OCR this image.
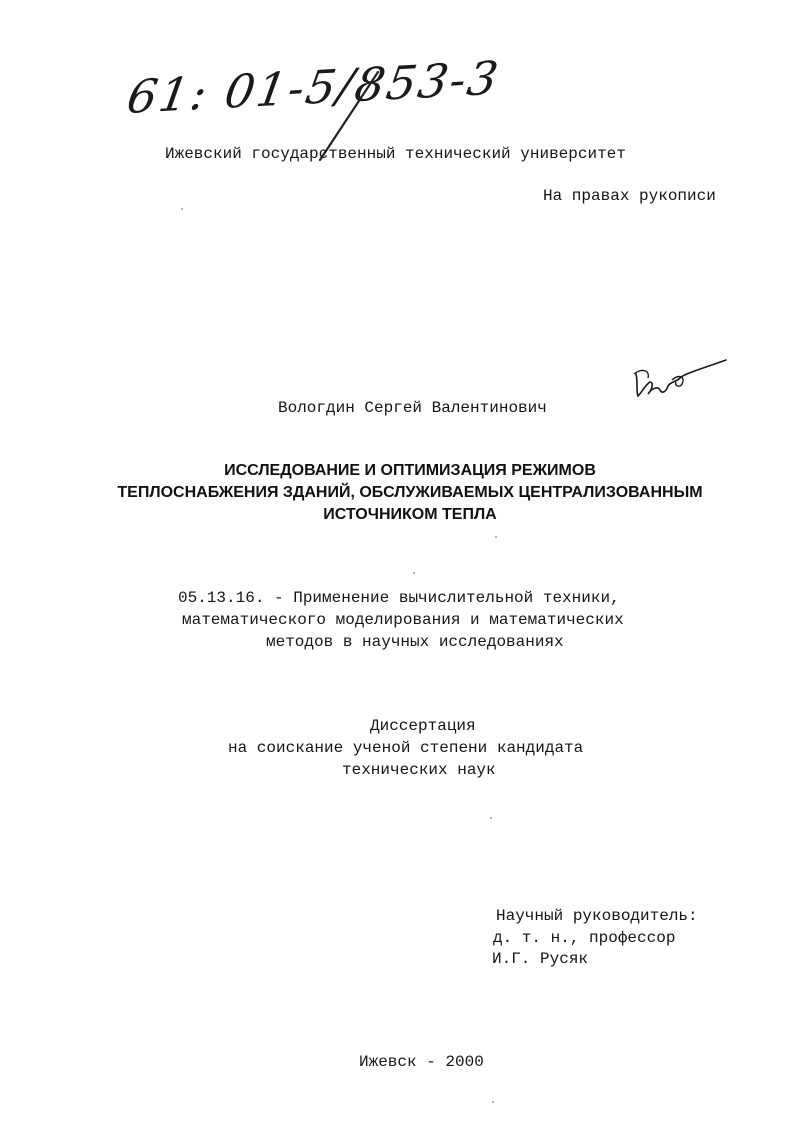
61: 01-5/853-3
Ижевский государственный технический университет
На правах рукописи
Вологдин Сергей Валентинович
ИССЛЕДОВАНИЕ И ОПТИМИЗАЦИЯ РЕЖИМОВ
ТЕПЛОСНАБЖЕНИЯ ЗДАНИЙ, ОБСЛУЖИВАЕМЫХ ЦЕНТРАЛИЗОВАННЫМ
ИСТОЧНИКОМ ТЕПЛА
05.13.16. - Применение вычислительной техники,
математического моделирования и математических
методов в научных исследованиях
Диссертация
на соискание ученой степени кандидата
технических наук
Научный руководитель:
д. т. н., профессор
И.Г. Русяк
Ижевск - 2000
